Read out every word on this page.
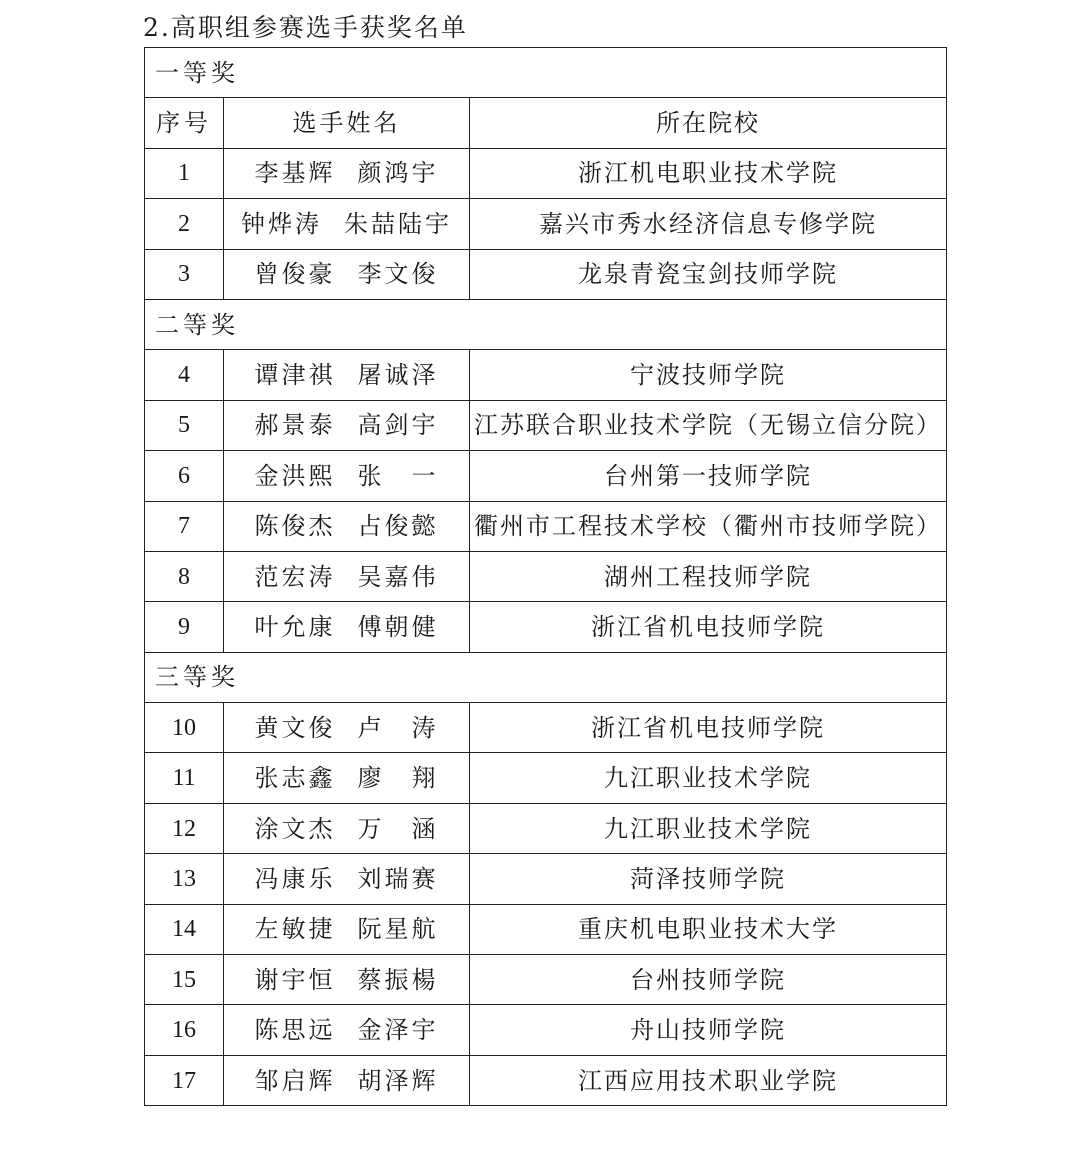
2.高职组参赛选手获奖名单
一等奖		
序号	选手姓名	所在院校
1	李基辉 颜鸿宇	浙江机电职业技术学院
2	钟烨涛 朱喆陆宇	嘉兴市秀水经济信息专修学院
3	曾俊豪 李文俊	龙泉青瓷宝剑技师学院
二等奖		
4	谭津祺 屠诚泽	宁波技师学院
5	郝景泰 高剑宇	江苏联合职业技术学院（无锡立信分院）
6	金洪熙 张　一	台州第一技师学院
7	陈俊杰 占俊懿	衢州市工程技术学校（衢州市技师学院）
8	范宏涛 吴嘉伟	湖州工程技师学院
9	叶允康 傅朝健	浙江省机电技师学院
三等奖		
10	黄文俊 卢　涛	浙江省机电技师学院
11	张志鑫 廖　翔	九江职业技术学院
12	涂文杰 万　涵	九江职业技术学院
13	冯康乐 刘瑞赛	菏泽技师学院
14	左敏捷 阮星航	重庆机电职业技术大学
15	谢宇恒 蔡振楊	台州技师学院
16	陈思远 金泽宇	舟山技师学院
17	邹启辉 胡泽辉	江西应用技术职业学院
